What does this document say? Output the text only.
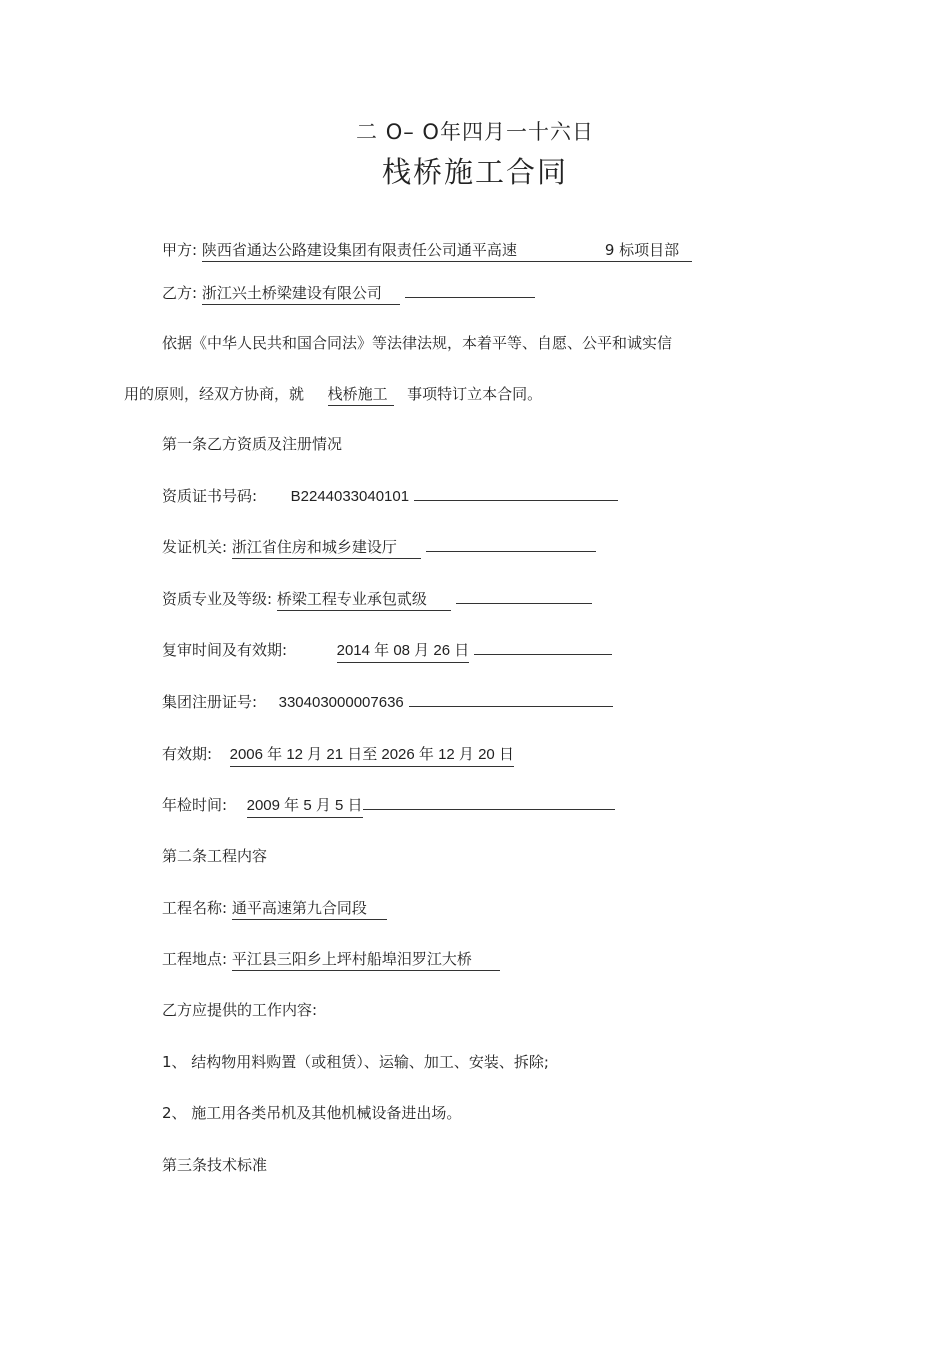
二 O– O年四月一十六日
栈桥施工合同
甲方: 陕西省通达公路建设集团有限责任公司通平高速	9 标项目部
乙方: 浙江兴土桥梁建设有限公司
依据《中华人民共和国合同法》等法律法规，本着平等、自愿、公平和诚实信
用的原则，经双方协商，就 栈桥施工 事项特订立本合同。
第一条乙方资质及注册情况
资质证书号码: B2244033040101
发证机关: 浙江省住房和城乡建设厅
资质专业及等级: 桥梁工程专业承包贰级
复审时间及有效期:	2014 年 08 月 26 日
集团注册证号: 330403000007636
有效期: 2006 年 12 月 21 日至 2026 年 12 月 20 日
年检时间: 2009 年 5 月 5 日
第二条工程内容
工程名称: 通平高速第九合同段
工程地点: 平江县三阳乡上坪村船埠汨罗江大桥
乙方应提供的工作内容:
1、 结构物用料购置（或租赁）、运输、加工、安装、拆除;
2、 施工用各类吊机及其他机械设备进出场。
第三条技术标准
